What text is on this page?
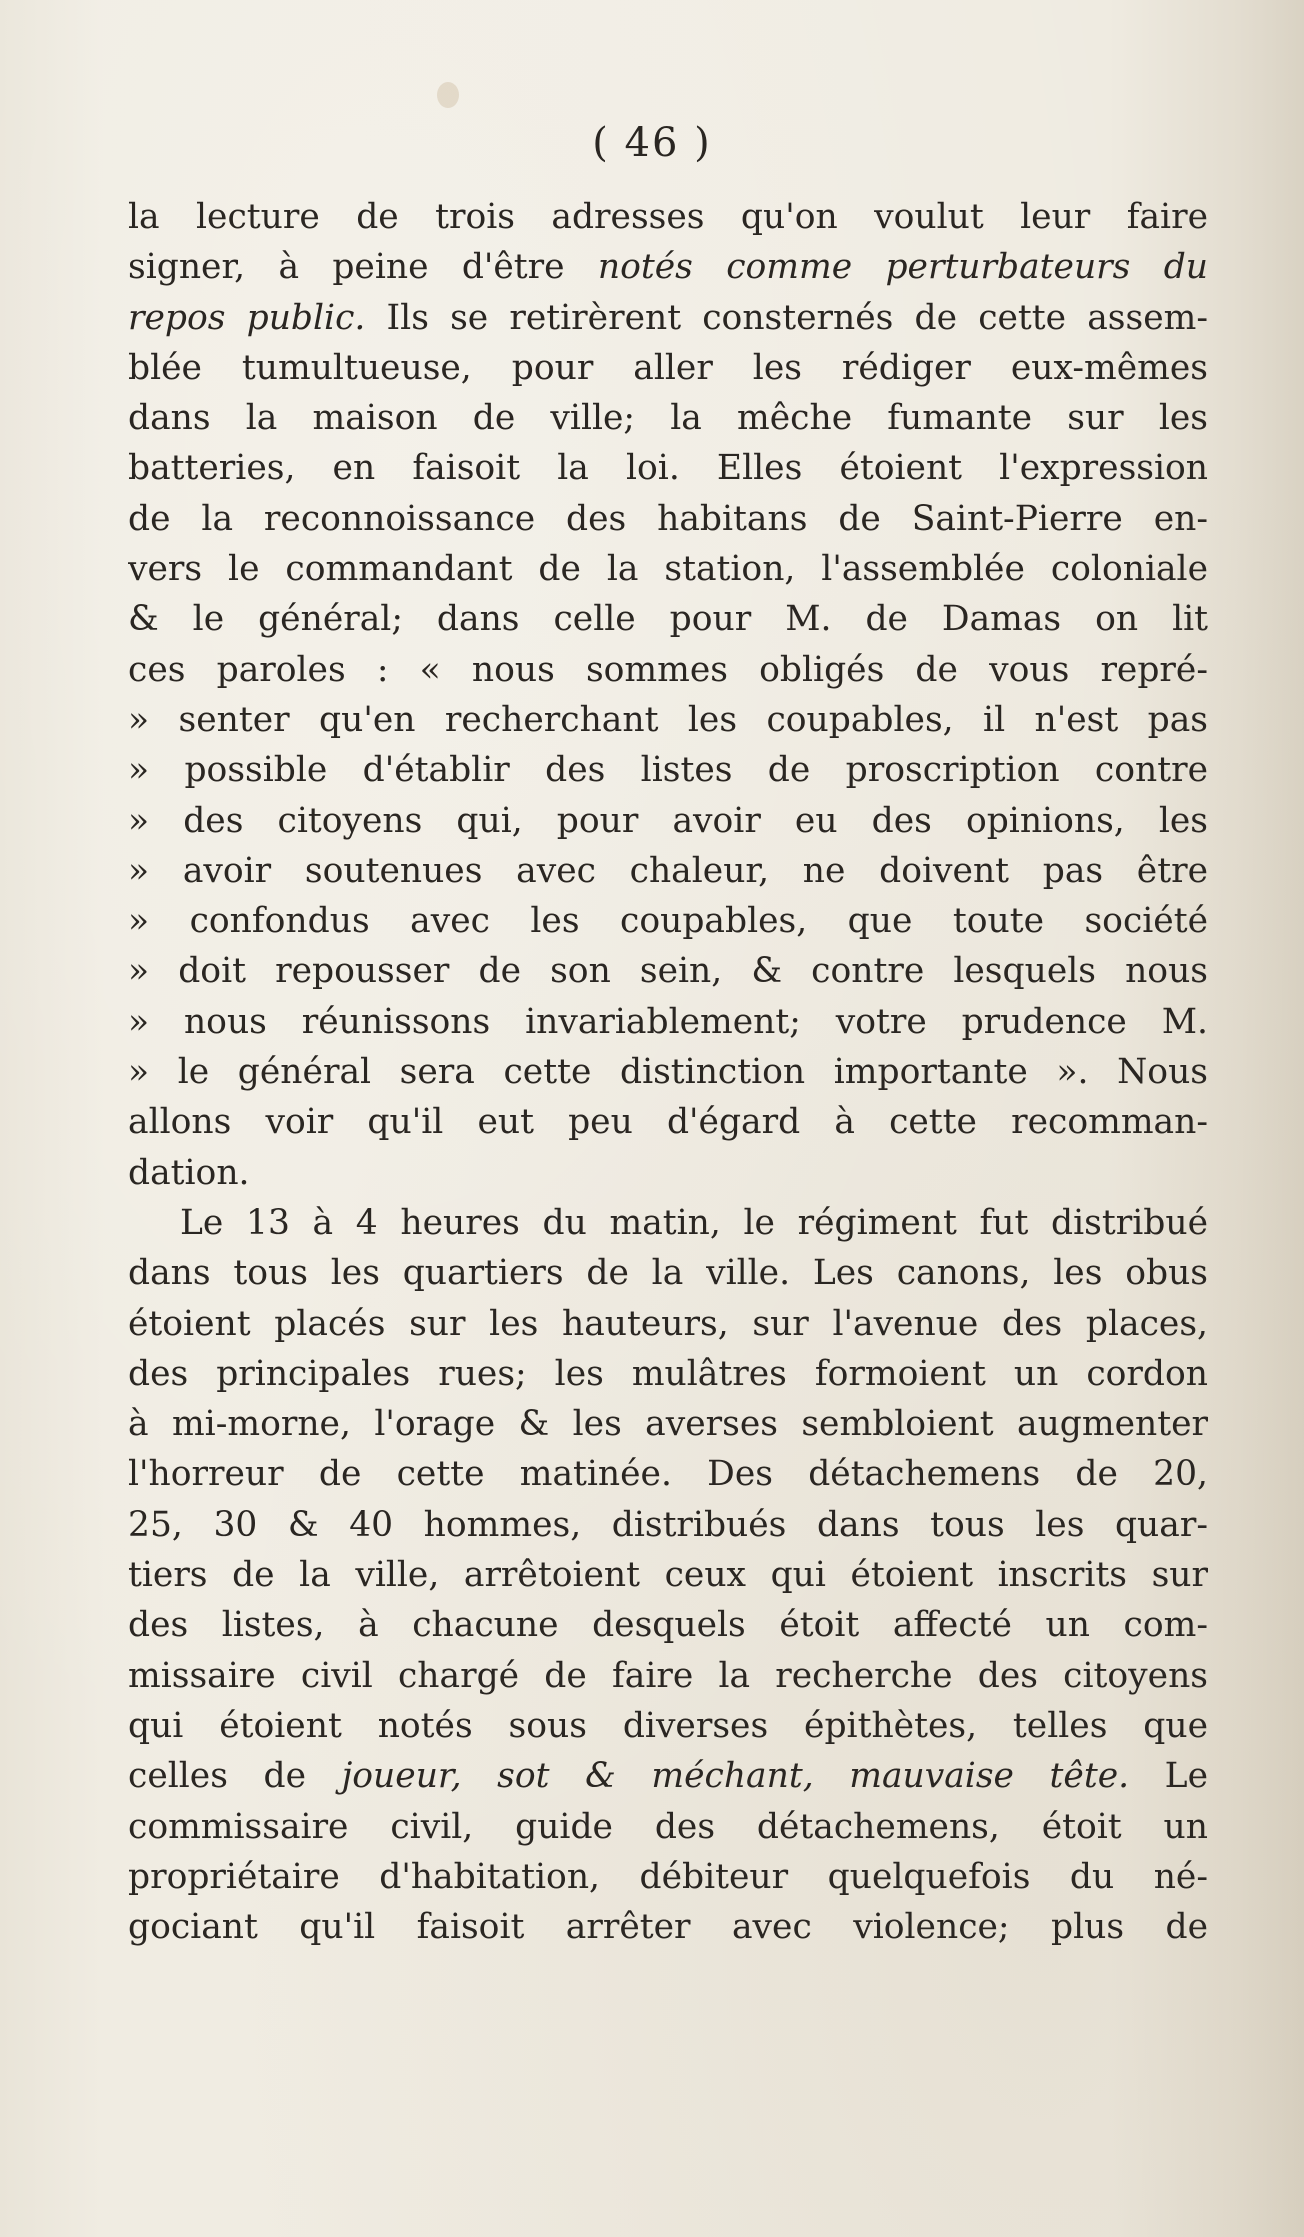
( 46 )
la lecture de trois adresses qu'on voulut leur faire
signer, à peine d'être notés comme perturbateurs du
repos public. Ils se retirèrent consternés de cette assem-
blée tumultueuse, pour aller les rédiger eux-mêmes
dans la maison de ville; la mêche fumante sur les
batteries, en faisoit la loi. Elles étoient l'expression
de la reconnoissance des habitans de Saint-Pierre en-
vers le commandant de la station, l'assemblée coloniale
& le général; dans celle pour M. de Damas on lit
ces paroles : « nous sommes obligés de vous repré-
» senter qu'en recherchant les coupables, il n'est pas
» possible d'établir des listes de proscription contre
» des citoyens qui, pour avoir eu des opinions, les
» avoir soutenues avec chaleur, ne doivent pas être
» confondus avec les coupables, que toute société
» doit repousser de son sein, & contre lesquels nous
» nous réunissons invariablement; votre prudence M.
» le général sera cette distinction importante ». Nous
allons voir qu'il eut peu d'égard à cette recomman-
dation.
Le 13 à 4 heures du matin, le régiment fut distribué
dans tous les quartiers de la ville. Les canons, les obus
étoient placés sur les hauteurs, sur l'avenue des places,
des principales rues; les mulâtres formoient un cordon
à mi-morne, l'orage & les averses sembloient augmenter
l'horreur de cette matinée. Des détachemens de 20,
25, 30 & 40 hommes, distribués dans tous les quar-
tiers de la ville, arrêtoient ceux qui étoient inscrits sur
des listes, à chacune desquels étoit affecté un com-
missaire civil chargé de faire la recherche des citoyens
qui étoient notés sous diverses épithètes, telles que
celles de joueur, sot & méchant, mauvaise tête. Le
commissaire civil, guide des détachemens, étoit un
propriétaire d'habitation, débiteur quelquefois du né-
gociant qu'il faisoit arrêter avec violence; plus de
